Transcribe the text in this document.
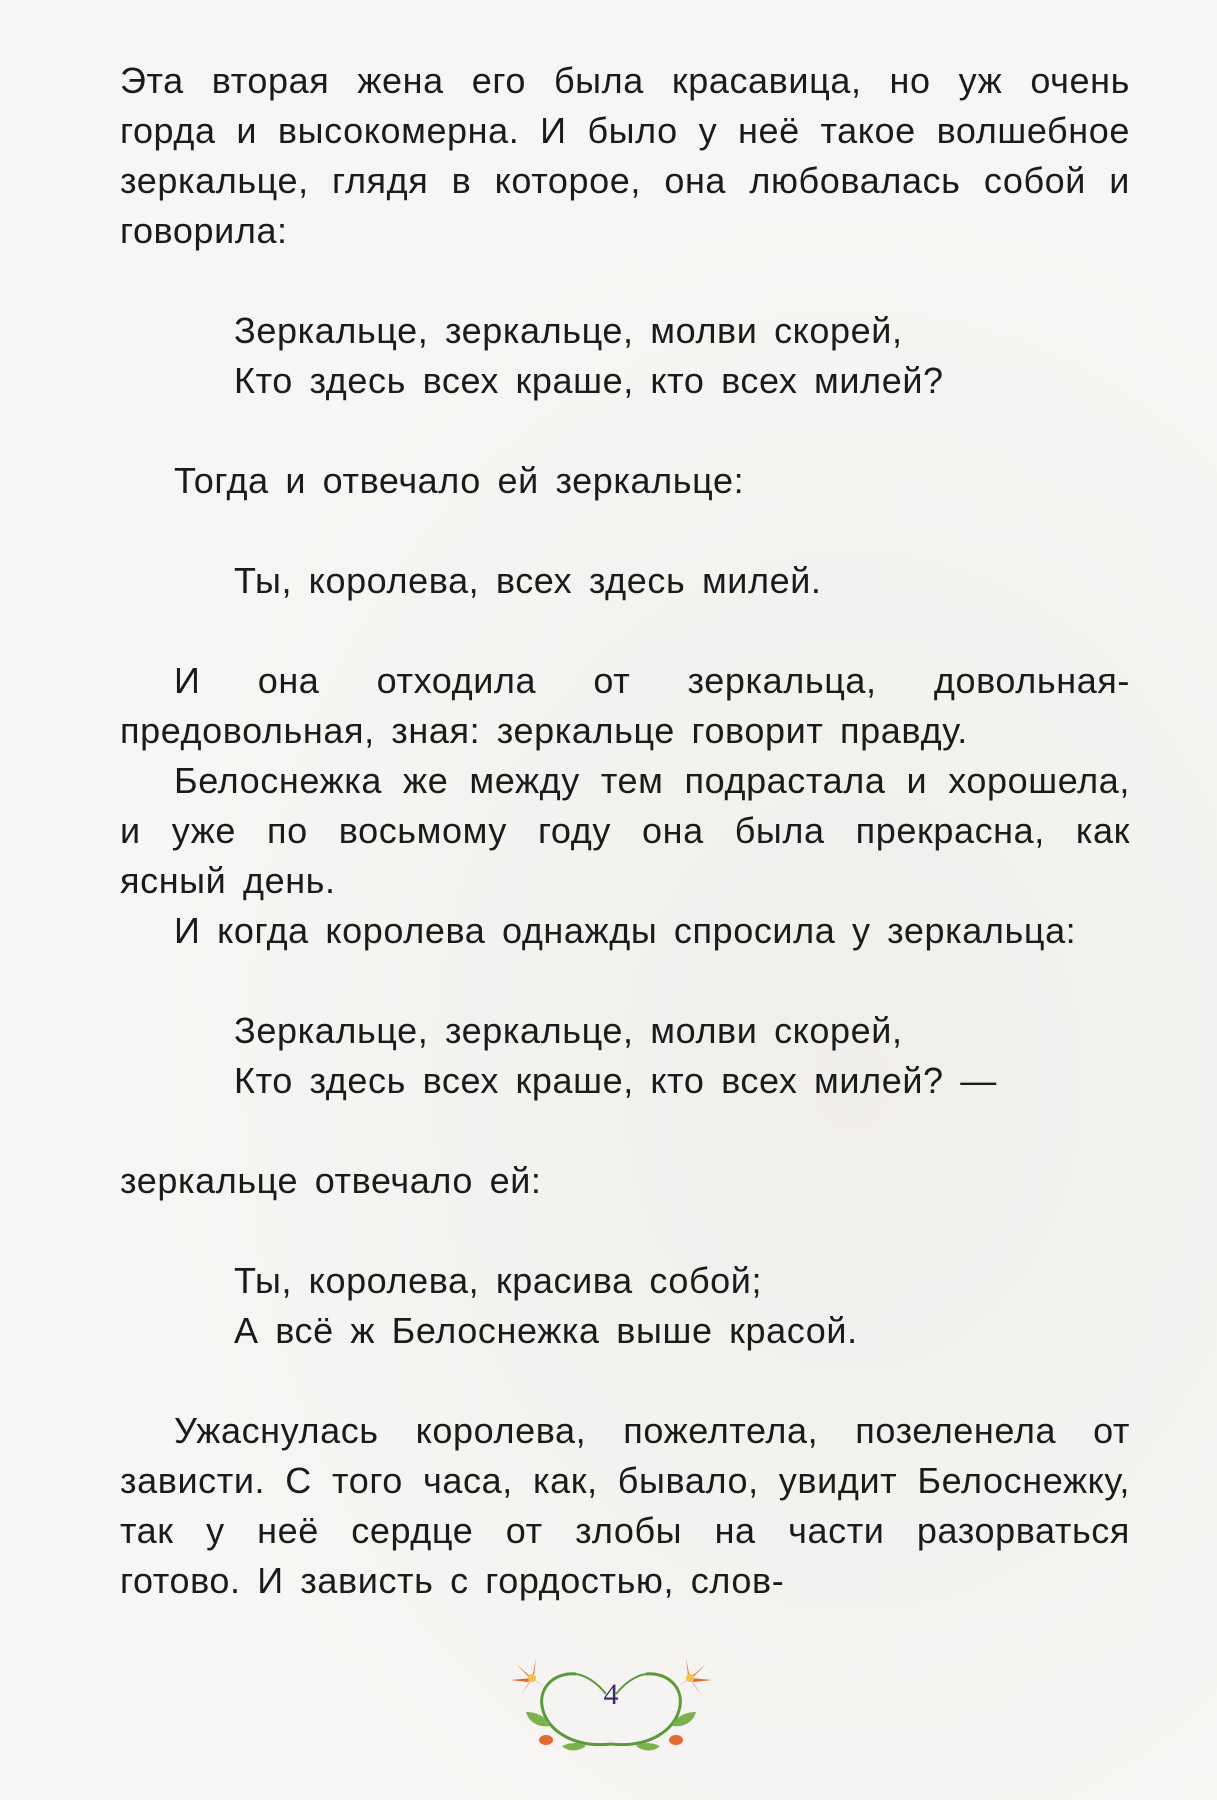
Эта вторая жена его была красавица, но уж очень горда и высокомерна. И было у неё такое волшебное зеркальце, глядя в которое, она любовалась собой и говорила:

Зеркальце, зеркальце, молви скорей,
Кто здесь всех краше, кто всех милей?

Тогда и отвечало ей зеркальце:

Ты, королева, всех здесь милей.

И она отходила от зеркальца, довольная-предовольная, зная: зеркальце говорит правду.

Белоснежка же между тем подрастала и хорошела, и уже по восьмому году она была прекрасна, как ясный день.

И когда королева однажды спросила у зеркальца:

Зеркальце, зеркальце, молви скорей,
Кто здесь всех краше, кто всех милей? —

зеркальце отвечало ей:

Ты, королева, красива собой;
А всё ж Белоснежка выше красой.

Ужаснулась королева, пожелтела, позеленела от зависти. С того часа, как, бывало, увидит Белоснежку, так у неё сердце от злобы на части разорваться готово. И зависть с гордостью, слов-

4
